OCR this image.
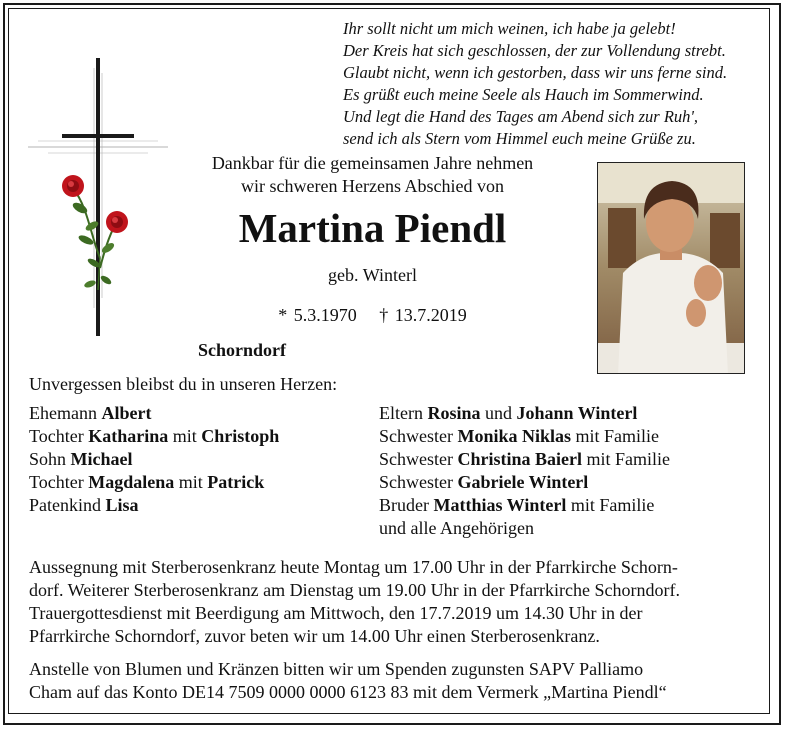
Ihr sollt nicht um mich weinen, ich habe ja gelebt!
Der Kreis hat sich geschlossen, der zur Vollendung strebt.
Glaubt nicht, wenn ich gestorben, dass wir uns ferne sind.
Es grüßt euch meine Seele als Hauch im Sommerwind.
Und legt die Hand des Tages am Abend sich zur Ruh',
send ich als Stern vom Himmel euch meine Grüße zu.
Dankbar für die gemeinsamen Jahre nehmen
wir schweren Herzens Abschied von
Martina Piendl
geb. Winterl
* 5.3.1970 † 13.7.2019
Schorndorf
Unvergessen bleibst du in unseren Herzen:
Ehemann Albert
Tochter Katharina mit Christoph
Sohn Michael
Tochter Magdalena mit Patrick
Patenkind Lisa
Eltern Rosina und Johann Winterl
Schwester Monika Niklas mit Familie
Schwester Christina Baierl mit Familie
Schwester Gabriele Winterl
Bruder Matthias Winterl mit Familie
und alle Angehörigen
Aussegnung mit Sterberosenkranz heute Montag um 17.00 Uhr in der Pfarrkirche Schorn-
dorf. Weiterer Sterberosenkranz am Dienstag um 19.00 Uhr in der Pfarrkirche Schorndorf.
Trauergottesdienst mit Beerdigung am Mittwoch, den 17.7.2019 um 14.30 Uhr in der
Pfarrkirche Schorndorf, zuvor beten wir um 14.00 Uhr einen Sterberosenkranz.
Anstelle von Blumen und Kränzen bitten wir um Spenden zugunsten SAPV Palliamo
Cham auf das Konto DE14 7509 0000 0000 6123 83 mit dem Vermerk „Martina Piendl“
